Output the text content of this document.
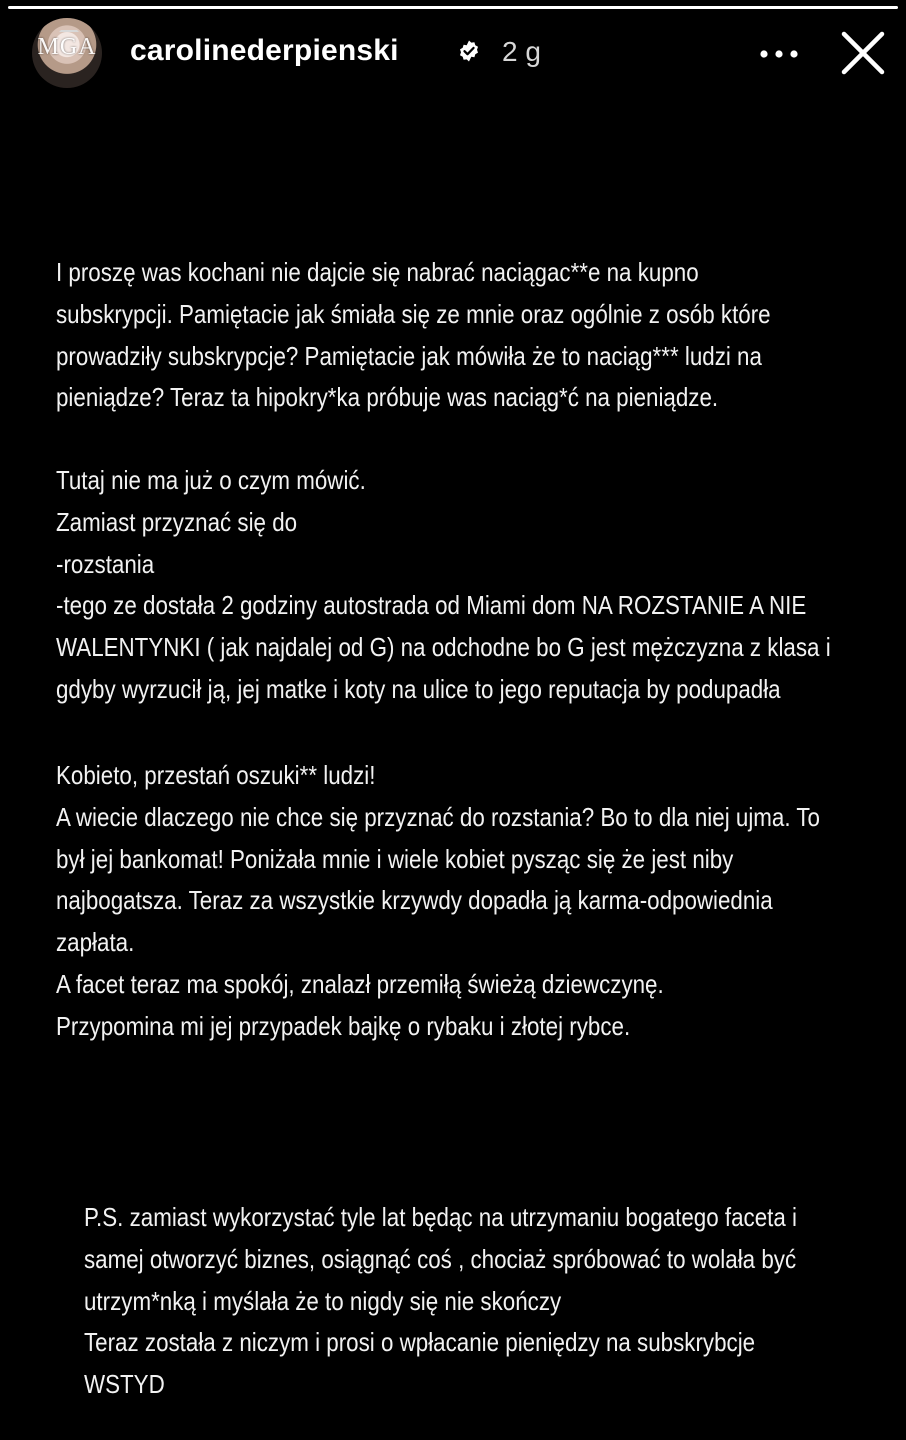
MGA carolinederpienski	2 g
I proszę was kochani nie dajcie się nabrać naciągac**e na kupno
subskrypcji. Pamiętacie jak śmiała się ze mnie oraz ogólnie z osób które
prowadziły subskrypcje? Pamiętacie jak mówiła że to naciąg*** ludzi na
pieniądze? Teraz ta hipokry*ka próbuje was naciąg*ć na pieniądze.
Tutaj nie ma już o czym mówić.
Zamiast przyznać się do
-rozstania
-tego ze dostała 2 godziny autostrada od Miami dom NA ROZSTANIE A NIE
WALENTYNKI ( jak najdalej od G) na odchodne bo G jest mężczyzna z klasa i
gdyby wyrzucił ją, jej matke i koty na ulice to jego reputacja by podupadła
Kobieto, przestań oszuki** ludzi!
A wiecie dlaczego nie chce się przyznać do rozstania? Bo to dla niej ujma. To
był jej bankomat! Poniżała mnie i wiele kobiet pysząc się że jest niby
najbogatsza. Teraz za wszystkie krzywdy dopadła ją karma-odpowiednia
zapłata.
A facet teraz ma spokój, znalazł przemiłą świeżą dziewczynę.
Przypomina mi jej przypadek bajkę o rybaku i złotej rybce.
P.S. zamiast wykorzystać tyle lat będąc na utrzymaniu bogatego faceta i
samej otworzyć biznes, osiągnąć coś , chociaż spróbować to wolała być
utrzym*nką i myślała że to nigdy się nie skończy
Teraz została z niczym i prosi o wpłacanie pieniędzy na subskrybcje
WSTYD
